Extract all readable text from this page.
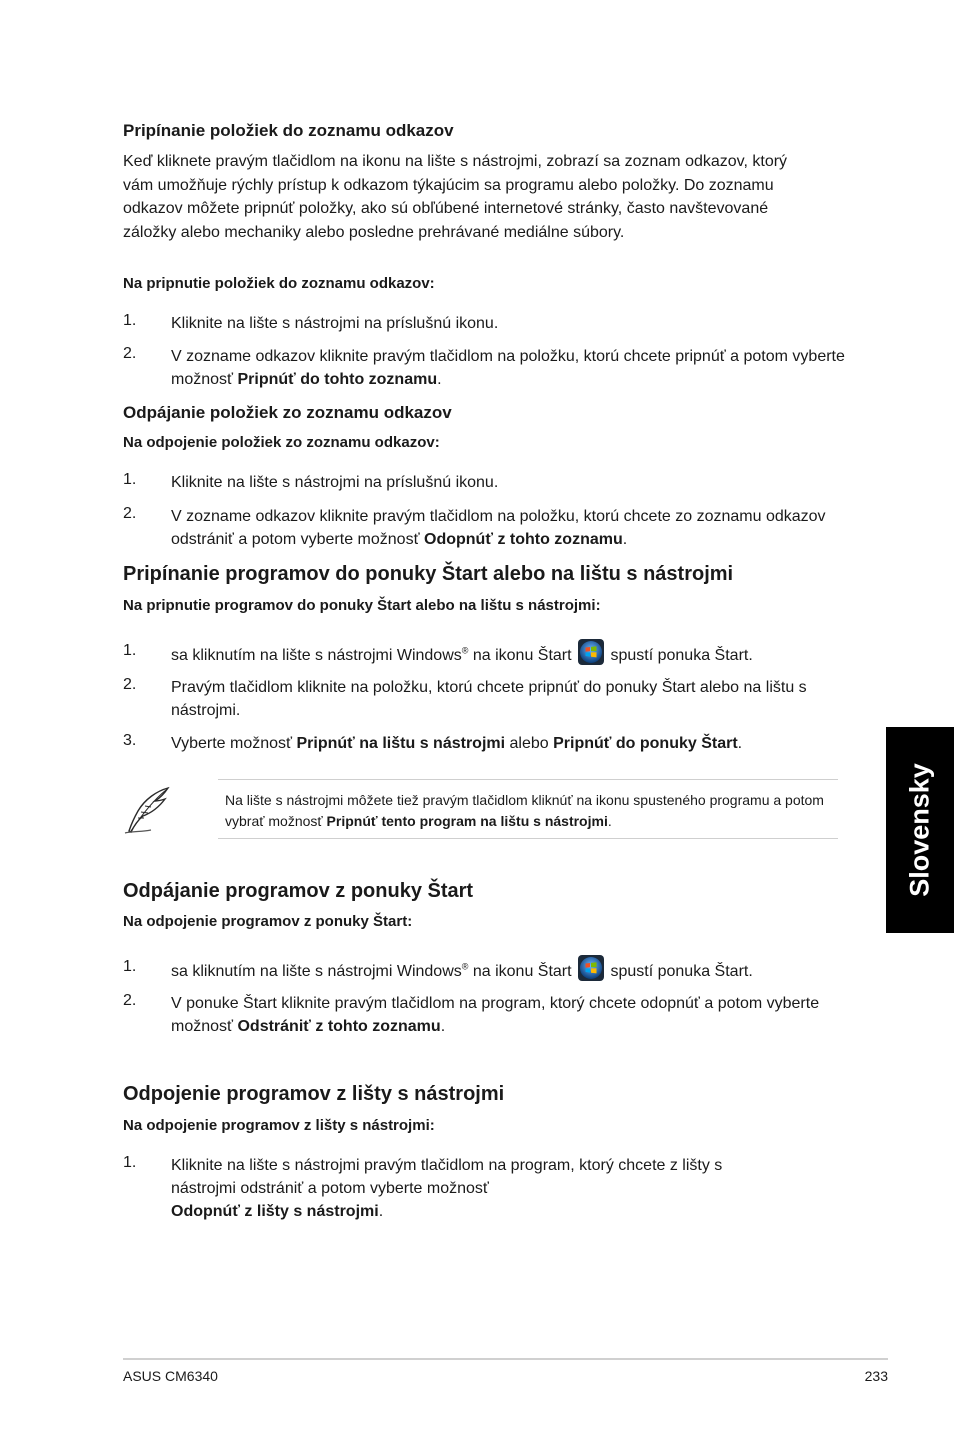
Pripínanie položiek do zoznamu odkazov
Keď kliknete pravým tlačidlom na ikonu na lište s nástrojmi, zobrazí sa zoznam odkazov, ktorý vám umožňuje rýchly prístup k odkazom týkajúcim sa programu alebo položky. Do zoznamu odkazov môžete pripnúť položky, ako sú obľúbené internetové stránky, často navštevované záložky alebo mechaniky alebo posledne prehrávané mediálne súbory.
Na pripnutie položiek do zoznamu odkazov:
1. Kliknite na lište s nástrojmi na príslušnú ikonu.
2. V zozname odkazov kliknite pravým tlačidlom na položku, ktorú chcete pripnúť a potom vyberte možnosť Pripnúť do tohto zoznamu.
Odpájanie položiek zo zoznamu odkazov
Na odpojenie položiek zo zoznamu odkazov:
1. Kliknite na lište s nástrojmi na príslušnú ikonu.
2. V zozname odkazov kliknite pravým tlačidlom na položku, ktorú chcete zo zoznamu odkazov odstrániť a potom vyberte možnosť Odopnúť z tohto zoznamu.
Pripínanie programov do ponuky Štart alebo na lištu s nástrojmi
Na pripnutie programov do ponuky Štart alebo na lištu s nástrojmi:
1. sa kliknutím na lište s nástrojmi Windows® na ikonu Štart  spustí ponuka Štart.
2. Pravým tlačidlom kliknite na položku, ktorú chcete pripnúť do ponuky Štart alebo na lištu s nástrojmi.
3. Vyberte možnosť Pripnúť na lištu s nástrojmi alebo Pripnúť do ponuky Štart.
Na lište s nástrojmi môžete tiež pravým tlačidlom kliknúť na ikonu spusteného programu a potom vybrať možnosť Pripnúť tento program na lištu s nástrojmi.
Odpájanie programov z ponuky Štart
Na odpojenie programov z ponuky Štart:
1. sa kliknutím na lište s nástrojmi Windows® na ikonu Štart  spustí ponuka Štart.
2. V ponuke Štart kliknite pravým tlačidlom na program, ktorý chcete odopnúť a potom vyberte možnosť Odstrániť z tohto zoznamu.
Odpojenie programov z lišty s nástrojmi
Na odpojenie programov z lišty s nástrojmi:
1. Kliknite na lište s nástrojmi pravým tlačidlom na program, ktorý chcete z lišty s nástrojmi odstrániť a potom vyberte možnosť
Odopnúť z lišty s nástrojmi.
Slovensky
ASUS CM6340	233
